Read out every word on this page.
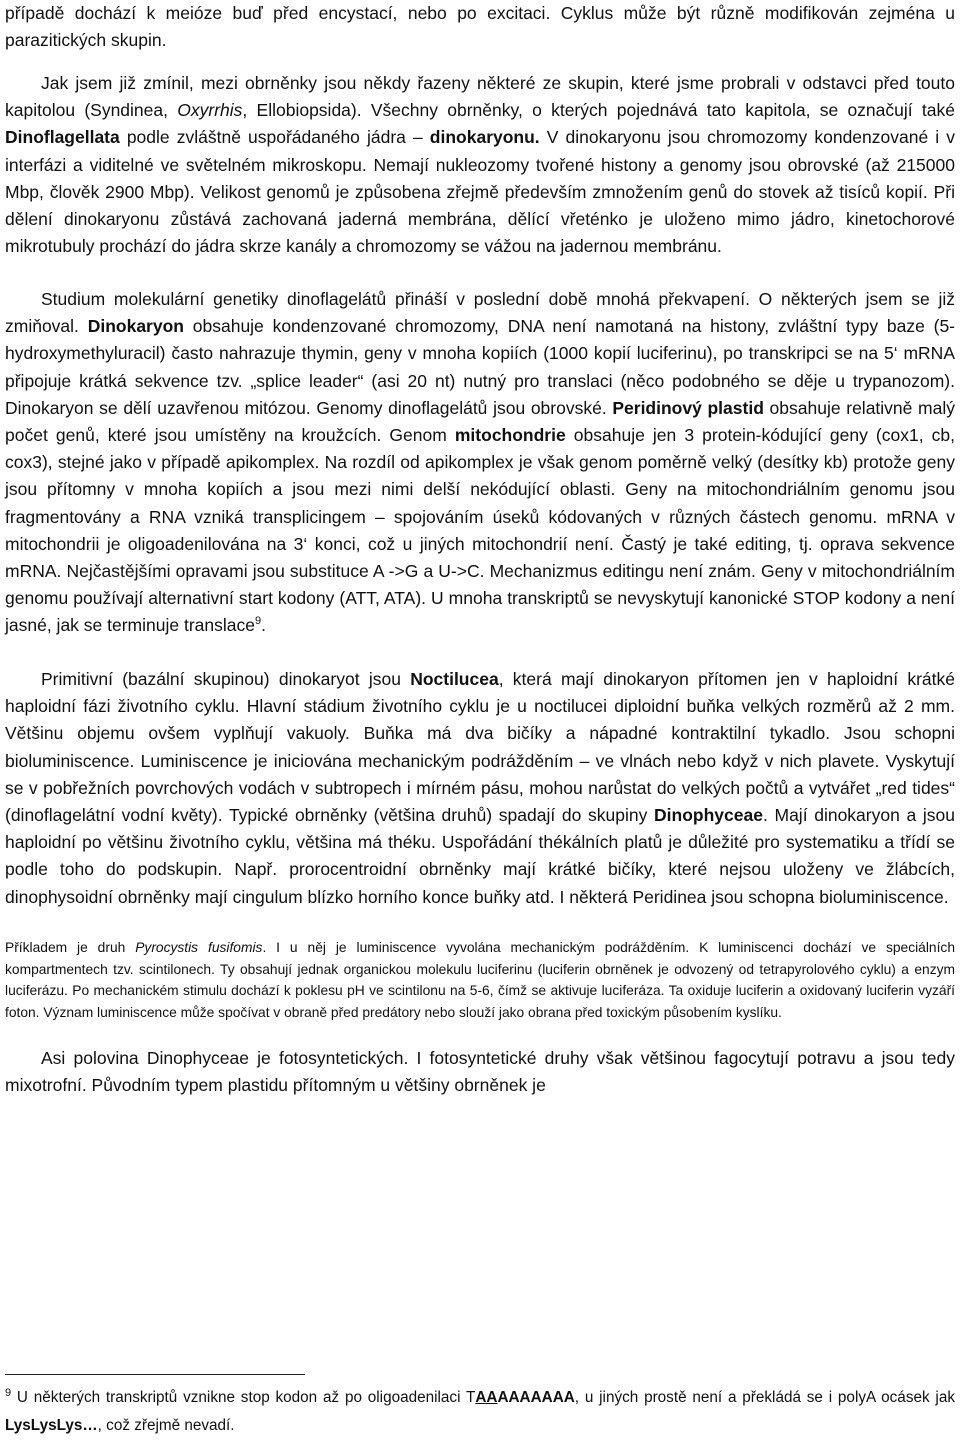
případě dochází k meióze buď před encystací, nebo po excitaci. Cyklus může být různě modifikován zejména u parazitických skupin.

Jak jsem již zmínil, mezi obrněnky jsou někdy řazeny některé ze skupin, které jsme probrali v odstavci před touto kapitolou (Syndinea, Oxyrrhis, Ellobiopsida). Všechny obrněnky, o kterých pojednává tato kapitola, se označují také Dinoflagellata podle zvláštně uspořádaného jádra – dinokaryonu. V dinokaryonu jsou chromozomy kondenzované i v interfázi a viditelné ve světelném mikroskopu. Nemají nukleozomy tvořené histony a genomy jsou obrovské (až 215000 Mbp, člověk 2900 Mbp). Velikost genomů je způsobena zřejmě především zmnožením genů do stovek až tisíců kopií. Při dělení dinokaryonu zůstává zachovaná jaderná membrána, dělící vřeténko je uloženo mimo jádro, kinetochorové mikrotubuly prochází do jádra skrze kanály a chromozomy se vážou na jadernou membránu.

Studium molekulární genetiky dinoflagelátů přináší v poslední době mnohá překvapení. O některých jsem se již zmiňoval. Dinokaryon obsahuje kondenzované chromozomy, DNA není namotaná na histony, zvláštní typy baze (5-hydroxymethyluracil) často nahrazuje thymin, geny v mnoha kopiích (1000 kopií luciferinu), po transkripci se na 5‘ mRNA připojuje krátká sekvence tzv. „splice leader“ (asi 20 nt) nutný pro translaci (něco podobného se děje u trypanozom). Dinokaryon se dělí uzavřenou mitózou. Genomy dinoflagelátů jsou obrovské. Peridinový plastid obsahuje relativně malý počet genů, které jsou umístěny na kroužcích. Genom mitochondrie obsahuje jen 3 protein-kódující geny (cox1, cb, cox3), stejné jako v případě apikomplex. Na rozdíl od apikomplex je však genom poměrně velký (desítky kb) protože geny jsou přítomny v mnoha kopiích a jsou mezi nimi delší nekódující oblasti. Geny na mitochondriálním genomu jsou fragmentovány a RNA vzniká transplicingem – spojováním úseků kódovaných v různých částech genomu. mRNA v mitochondrii je oligoadenilována na 3‘ konci, což u jiných mitochondrií není. Častý je také editing, tj. oprava sekvence mRNA. Nejčastějšími opravami jsou substituce A ->G a U->C. Mechanizmus editingu není znám. Geny v mitochondriálním genomu používají alternativní start kodony (ATT, ATA). U mnoha transkriptů se nevyskytují kanonické STOP kodony a není jasné, jak se terminuje translace$^9$.

Primitivní (bazální skupinou) dinokaryot jsou Noctilucea, která mají dinokaryon přítomen jen v haploidní krátké haploidní fázi životního cyklu. Hlavní stádium životního cyklu je u noctilucei diploidní buňka velkých rozměrů až 2 mm. Většinu objemu ovšem vyplňují vakuoly. Buňka má dva bičíky a nápadné kontraktilní tykadlo. Jsou schopni bioluminiscence. Luminiscence je iniciována mechanickým podrážděním – ve vlnách nebo když v nich plavete. Vyskytují se v pobřežních povrchových vodách v subtropech i mírném pásu, mohou narůstat do velkých počtů a vytvářet „red tides“ (dinoflagelátní vodní květy). Typické obrněnky (většina druhů) spadají do skupiny Dinophyceae. Mají dinokaryon a jsou haploidní po většinu životního cyklu, většina má théku. Uspořádání thékálních platů je důležité pro systematiku a třídí se podle toho do podskupin. Např. prorocentroidní obrněnky mají krátké bičíky, které nejsou uloženy ve žlábcích, dinophysoidní obrněnky mají cingulum blízko horního konce buňky atd. I některá Peridinea jsou schopna bioluminiscence.

Příkladem je druh Pyrocystis fusifomis. I u něj je luminiscence vyvolána mechanickým podrážděním. K luminiscenci dochází ve speciálních kompartmentech tzv. scintilonech. Ty obsahují jednak organickou molekulu luciferinu (luciferin obrněnek je odvozený od tetrapyrolového cyklu) a enzym luciferázu. Po mechanickém stimulu dochází k poklesu pH ve scintilonu na 5-6, čímž se aktivuje luciferáza. Ta oxiduje luciferin a oxidovaný luciferin vyzáří foton. Význam luminiscence může spočívat v obraně před predátory nebo slouží jako obrana před toxickým působením kyslíku.

Asi polovina Dinophyceae je fotosyntetických. I fotosyntetické druhy však většinou fagocytují potravu a jsou tedy mixotrofní. Původním typem plastidu přítomným u většiny obrněnek je

$^9$ U některých transkriptů vznikne stop kodon až po oligoadenilaci TAAAAAAAAA, u jiných prostě není a překládá se i polyA ocásek jak LysLysLys…, což zřejmě nevadí.
